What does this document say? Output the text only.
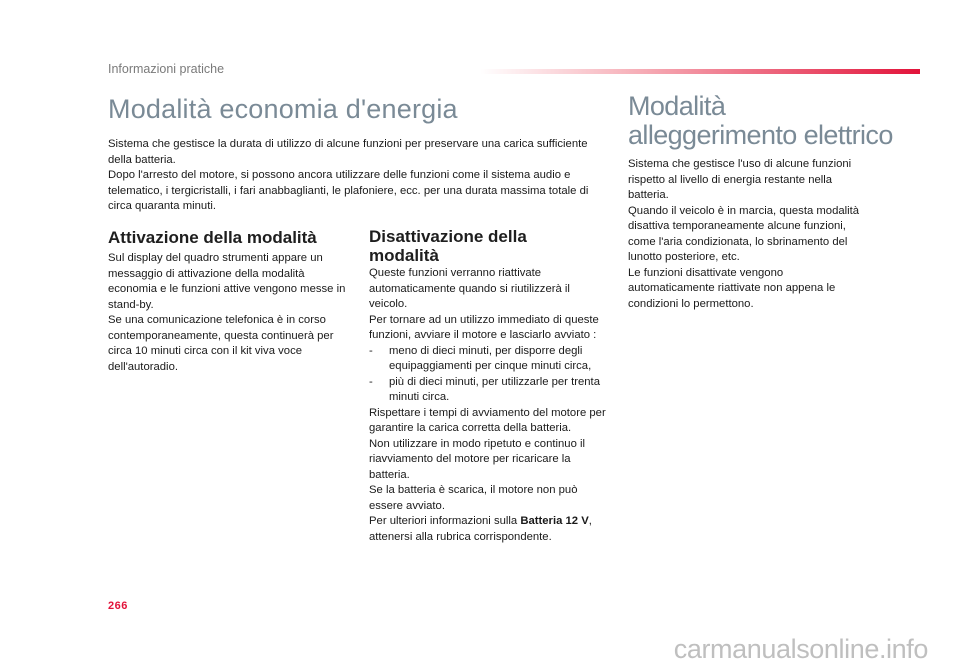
Informazioni pratiche
Modalità economia d'energia

Sistema che gestisce la durata di utilizzo di alcune funzioni per preservare una carica sufficiente della batteria.

Dopo l'arresto del motore, si possono ancora utilizzare delle funzioni come il sistema audio e telematico, i tergicristalli, i fari anabbaglianti, le plafoniere, ecc. per una durata massima totale di circa quaranta minuti.

Attivazione della modalità

Sul display del quadro strumenti appare un messaggio di attivazione della modalità economia e le funzioni attive vengono messe in stand-by.

Se una comunicazione telefonica è in corso contemporaneamente, questa continuerà per circa 10 minuti circa con il kit viva voce dell'autoradio.

Disattivazione della modalità

Queste funzioni verranno riattivate automaticamente quando si riutilizzerà il veicolo.

Per tornare ad un utilizzo immediato di queste funzioni, avviare il motore e lasciarlo avviato :

-	meno di dieci minuti, per disporre degli equipaggiamenti per cinque minuti circa,
-	più di dieci minuti, per utilizzarle per trenta minuti circa.

Rispettare i tempi di avviamento del motore per garantire la carica corretta della batteria.

Non utilizzare in modo ripetuto e continuo il riavviamento del motore per ricaricare la batteria.

Se la batteria è scarica, il motore non può essere avviato.

Per ulteriori informazioni sulla Batteria 12 V, attenersi alla rubrica corrispondente.

Modalità
alleggerimento elettrico

Sistema che gestisce l'uso di alcune funzioni rispetto al livello di energia restante nella batteria.

Quando il veicolo è in marcia, questa modalità disattiva temporaneamente alcune funzioni, come l'aria condizionata, lo sbrinamento del lunotto posteriore, etc.

Le funzioni disattivate vengono automaticamente riattivate non appena le condizioni lo permettono.

266
carmanualsonline.info
